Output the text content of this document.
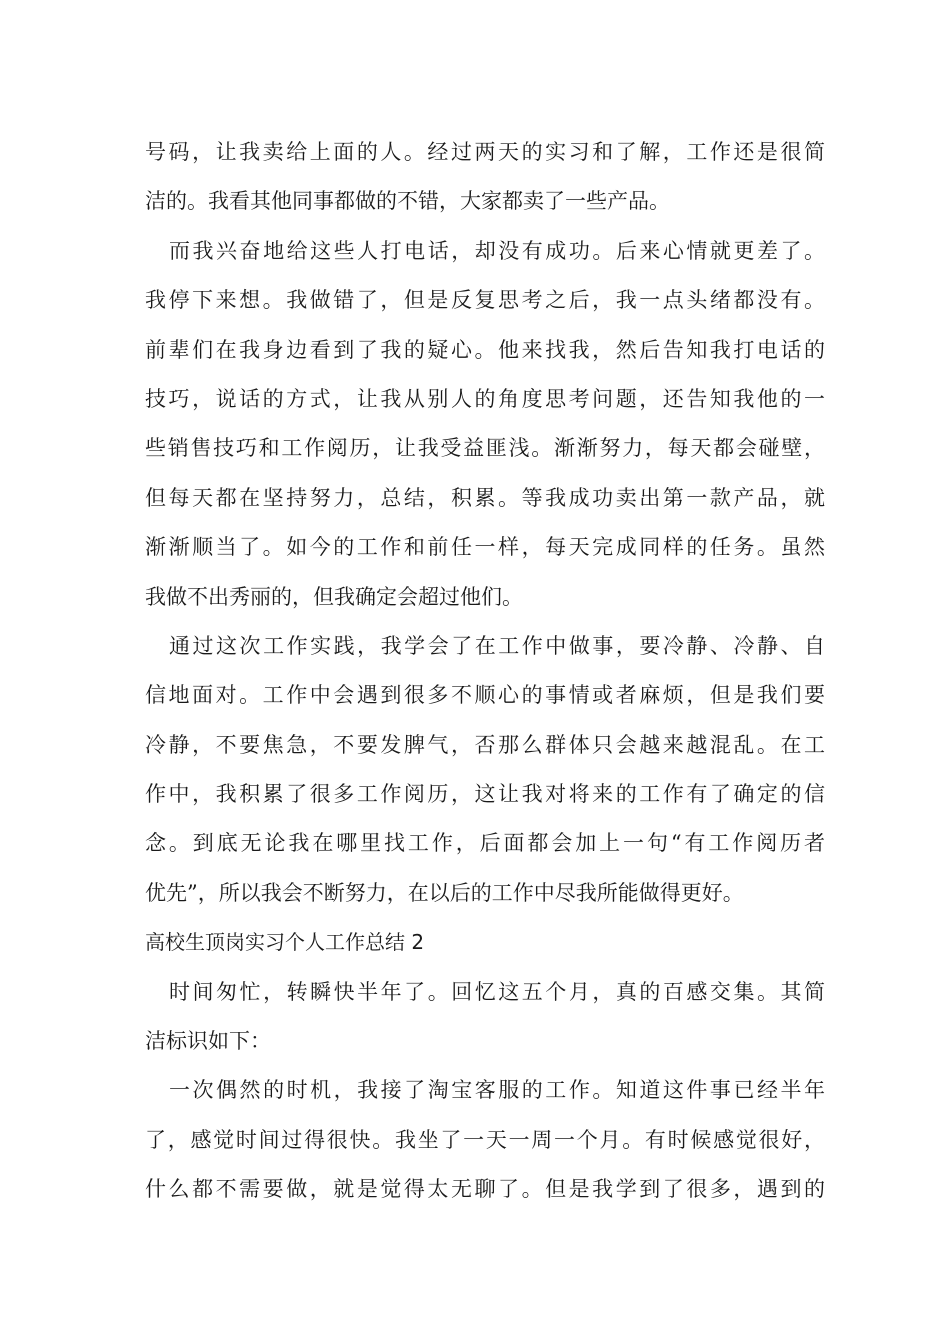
号码，让我卖给上面的人。经过两天的实习和了解，工作还是很简
洁的。我看其他同事都做的不错，大家都卖了一些产品。
而我兴奋地给这些人打电话，却没有成功。后来心情就更差了。
我停下来想。我做错了，但是反复思考之后，我一点头绪都没有。
前辈们在我身边看到了我的疑心。他来找我，然后告知我打电话的
技巧，说话的方式，让我从别人的角度思考问题，还告知我他的一
些销售技巧和工作阅历，让我受益匪浅。渐渐努力，每天都会碰壁，
但每天都在坚持努力，总结，积累。等我成功卖出第一款产品，就
渐渐顺当了。如今的工作和前任一样，每天完成同样的任务。虽然
我做不出秀丽的，但我确定会超过他们。
通过这次工作实践，我学会了在工作中做事，要冷静、冷静、自
信地面对。工作中会遇到很多不顺心的事情或者麻烦，但是我们要
冷静，不要焦急，不要发脾气，否那么群体只会越来越混乱。在工
作中，我积累了很多工作阅历，这让我对将来的工作有了确定的信
念。到底无论我在哪里找工作，后面都会加上一句“有工作阅历者
优先”，所以我会不断努力，在以后的工作中尽我所能做得更好。
高校生顶岗实习个人工作总结 2
时间匆忙，转瞬快半年了。回忆这五个月，真的百感交集。其简
洁标识如下：
一次偶然的时机，我接了淘宝客服的工作。知道这件事已经半年
了，感觉时间过得很快。我坐了一天一周一个月。有时候感觉很好，
什么都不需要做，就是觉得太无聊了。但是我学到了很多，遇到的
